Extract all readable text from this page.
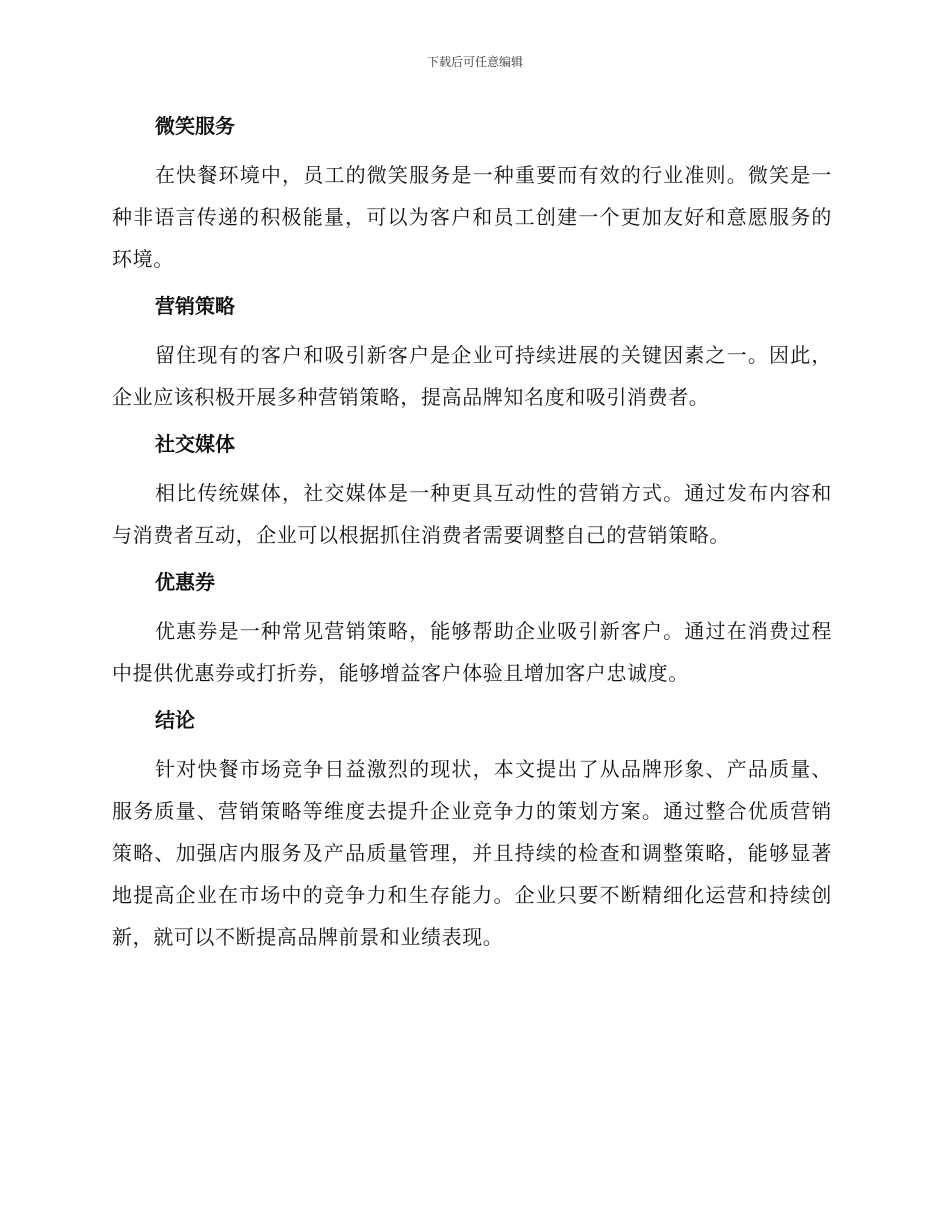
下载后可任意编辑
微笑服务

在快餐环境中，员工的微笑服务是一种重要而有效的行业准则。微笑是一种非语言传递的积极能量，可以为客户和员工创建一个更加友好和意愿服务的环境。

营销策略

留住现有的客户和吸引新客户是企业可持续进展的关键因素之一。因此，企业应该积极开展多种营销策略，提高品牌知名度和吸引消费者。

社交媒体

相比传统媒体，社交媒体是一种更具互动性的营销方式。通过发布内容和与消费者互动，企业可以根据抓住消费者需要调整自己的营销策略。

优惠券

优惠券是一种常见营销策略，能够帮助企业吸引新客户。通过在消费过程中提供优惠券或打折券，能够增益客户体验且增加客户忠诚度。

结论

针对快餐市场竞争日益激烈的现状，本文提出了从品牌形象、产品质量、服务质量、营销策略等维度去提升企业竞争力的策划方案。通过整合优质营销策略、加强店内服务及产品质量管理，并且持续的检查和调整策略，能够显著地提高企业在市场中的竞争力和生存能力。企业只要不断精细化运营和持续创新，就可以不断提高品牌前景和业绩表现。
